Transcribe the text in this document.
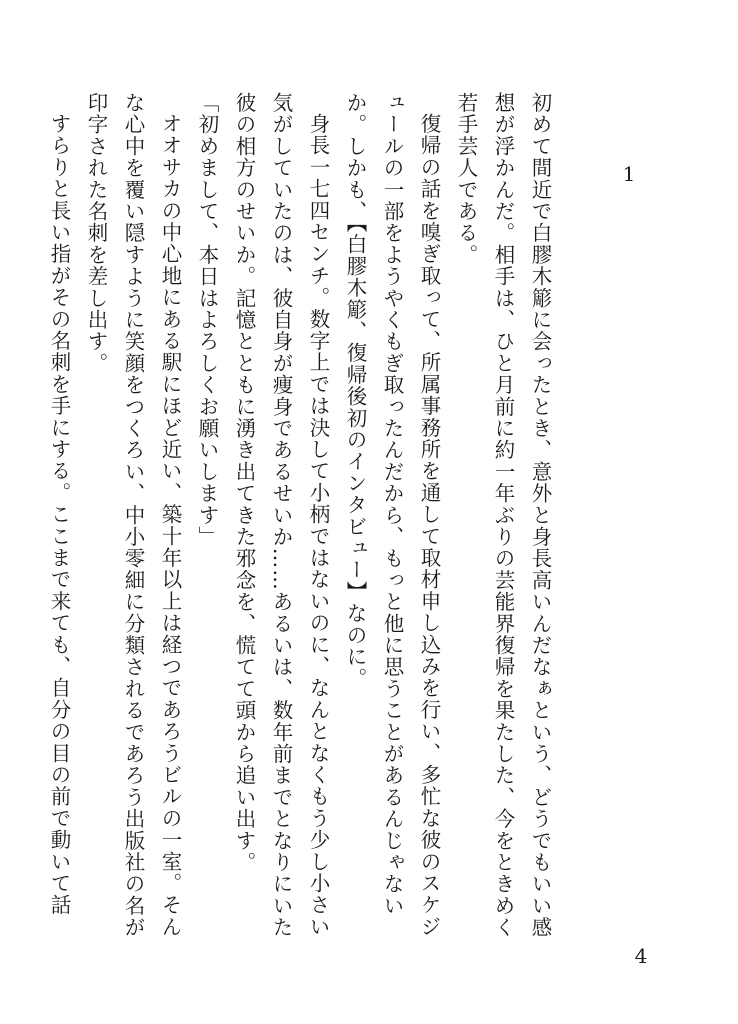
1

初めて間近で白膠木簓に会ったとき、意外と身長高いんだなぁという、どうでもいい感想が浮かんだ。相手は、ひと月前に約一年ぶりの芸能界復帰を果たした、今をときめく若手芸人である。

復帰の話を嗅ぎ取って、所属事務所を通して取材申し込みを行い、多忙な彼のスケジュールの一部をようやくもぎ取ったんだから、もっと他に思うことがあるんじゃないか。しかも、【白膠木簓、復帰後初のインタビュー】なのに。

身長一七四センチ。数字上では決して小柄ではないのに、なんとなくもう少し小さい気がしていたのは、彼自身が痩身であるせいか……あるいは、数年前までとなりにいた彼の相方のせいか。記憶とともに湧き出てきた邪念を、慌てて頭から追い出す。

「初めまして、本日はよろしくお願いします」

オオサカの中心地にある駅にほど近い、築十年以上は経つであろうビルの一室。そんな心中を覆い隠すように笑顔をつくろい、中小零細に分類されるであろう出版社の名が印字された名刺を差し出す。

すらりと長い指がその名刺を手にする。ここまで来ても、自分の目の前で動いて話

4
